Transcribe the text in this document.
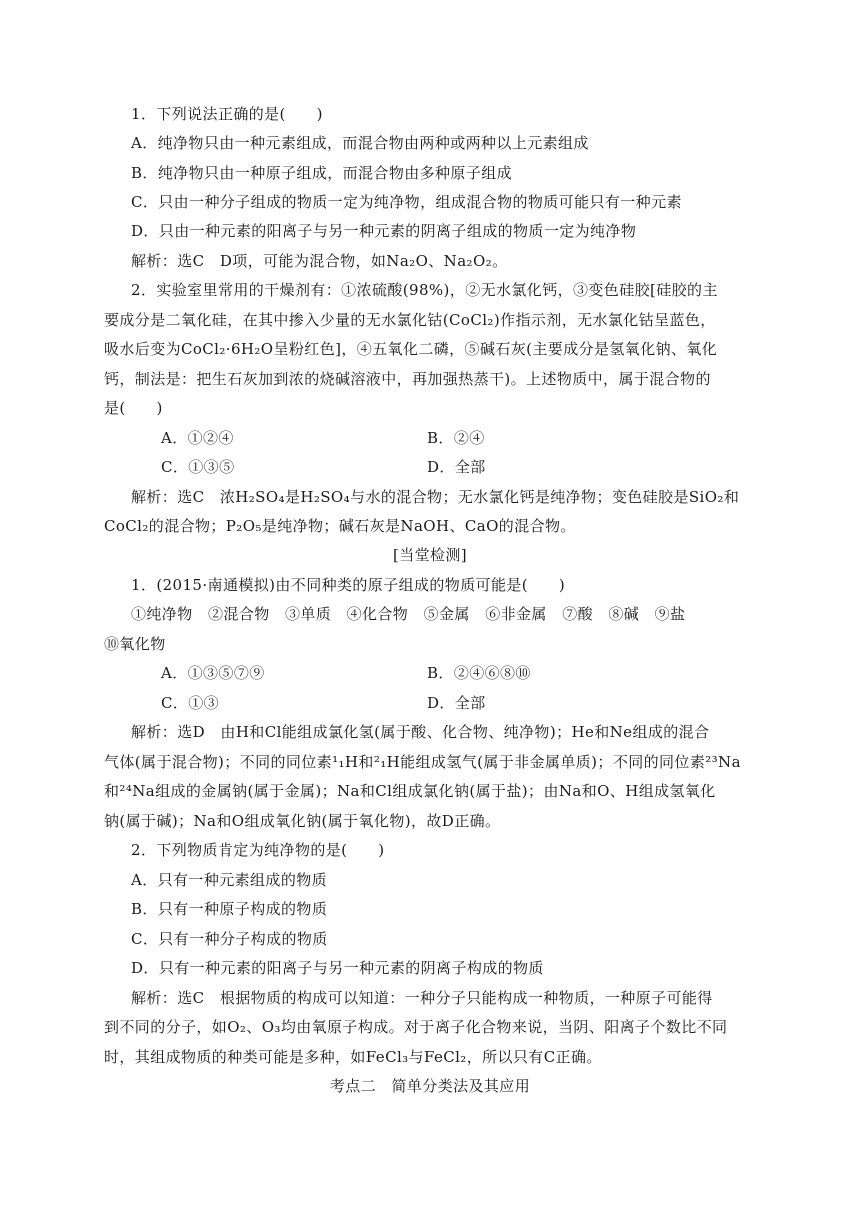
1．下列说法正确的是(　　)
A．纯净物只由一种元素组成，而混合物由两种或两种以上元素组成
B．纯净物只由一种原子组成，而混合物由多种原子组成
C．只由一种分子组成的物质一定为纯净物，组成混合物的物质可能只有一种元素
D．只由一种元素的阳离子与另一种元素的阴离子组成的物质一定为纯净物
解析：选C　D项，可能为混合物，如Na₂O、Na₂O₂。
2．实验室里常用的干燥剂有：①浓硫酸(98%)，②无水氯化钙，③变色硅胶[硅胶的主
要成分是二氧化硅，在其中掺入少量的无水氯化钴(CoCl₂)作指示剂，无水氯化钴呈蓝色，
吸水后变为CoCl₂·6H₂O呈粉红色]，④五氧化二磷，⑤碱石灰(主要成分是氢氧化钠、氧化
钙，制法是：把生石灰加到浓的烧碱溶液中，再加强热蒸干)。上述物质中，属于混合物的
是(　　)
A．①②④	B．②④
C．①③⑤	D．全部
解析：选C　浓H₂SO₄是H₂SO₄与水的混合物；无水氯化钙是纯净物；变色硅胶是SiO₂和
CoCl₂的混合物；P₂O₅是纯净物；碱石灰是NaOH、CaO的混合物。
[当堂检测]
1．(2015·南通模拟)由不同种类的原子组成的物质可能是(　　)
①纯净物　②混合物　③单质　④化合物　⑤金属　⑥非金属　⑦酸　⑧碱　⑨盐
⑩氧化物
A．①③⑤⑦⑨	B．②④⑥⑧⑩
C．①③	D．全部
解析：选D　由H和Cl能组成氯化氢(属于酸、化合物、纯净物)；He和Ne组成的混合
气体(属于混合物)；不同的同位素¹₁H和²₁H能组成氢气(属于非金属单质)；不同的同位素²³Na
和²⁴Na组成的金属钠(属于金属)；Na和Cl组成氯化钠(属于盐)；由Na和O、H组成氢氧化
钠(属于碱)；Na和O组成氧化钠(属于氧化物)，故D正确。
2．下列物质肯定为纯净物的是(　　)
A．只有一种元素组成的物质
B．只有一种原子构成的物质
C．只有一种分子构成的物质
D．只有一种元素的阳离子与另一种元素的阴离子构成的物质
解析：选C　根据物质的构成可以知道：一种分子只能构成一种物质，一种原子可能得
到不同的分子，如O₂、O₃均由氧原子构成。对于离子化合物来说，当阴、阳离子个数比不同
时，其组成物质的种类可能是多种，如FeCl₃与FeCl₂，所以只有C正确。
考点二　简单分类法及其应用
